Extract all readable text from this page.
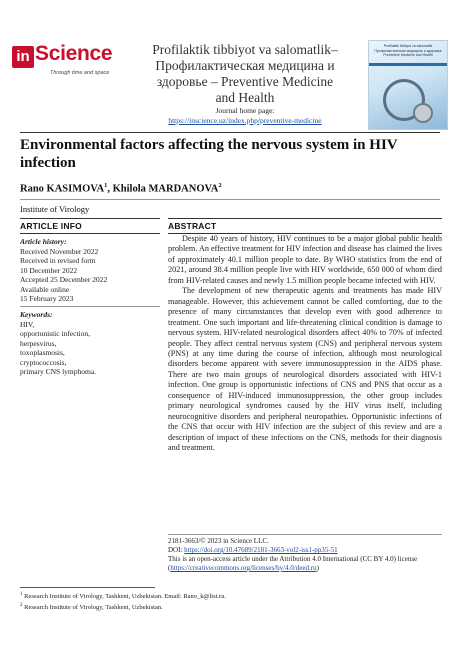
in Science
Through time and space
Profilaktik tibbiyot va salomatlik–
Профилактическая медицина и
здоровье – Preventive Medicine
and Health
Journal home page:
https://inscience.uz/index.php/preventive-medicine
Profilaktik tibbiyot va salomatlik Профилактическая медицина и здоровье Preventive Medicine and Health
Environmental factors affecting the nervous system in HIV infection
Rano KASIMOVA$^1$, Khilola MARDANOVA$^2$
Institute of Virology
ARTICLE INFO
Article history:
Received November 2022
Received in revised form
10 December 2022
Accepted 25 December 2022
Available online
15 February 2023
Keywords:
HIV,
opportunistic infection,
herpesvirus,
toxoplasmosis,
cryptococcosis,
primary CNS lymphoma.
ABSTRACT

Despite 40 years of history, HIV continues to be a major global public health problem. An effective treatment for HIV infection and disease has claimed the lives of approximately 40.1 million people to date. By WHO statistics from the end of 2021, around 38.4 million people live with HIV worldwide, 650 000 of whom died from HIV-related causes and newly 1.5 million people became infected with HIV.

The development of new therapeutic agents and treatments has made HIV manageable. However, this achievement cannot be called comforting, due to the presence of many circumstances that develop even with good adherence to treatment. One such important and life-threatening clinical condition is damage to nervous system. HIV-related neurological disorders affect 40% to 70% of infected people. They affect central nervous system (CNS) and peripheral nervous system (PNS) at any time during the course of infection, although most neurological disorders become apparent with severe immunosuppression in the AIDS phase. There are two main groups of neurological disorders associated with HIV-1 infection. One group is opportunistic infections of CNS and PNS that occur as a consequence of HIV-induced immunosuppression, the other group includes primary neurological syndromes caused by the HIV virus itself, including neurocognitive disorders and peripheral neuropathies. Opportunistic infections of the CNS that occur with HIV infection are the subject of this review and are a description of impact of these infections on the CNS, methods for their diagnosis and treatment.

2181-3663/© 2023 in Science LLC.
DOI: https://doi.org/10.47689/2181-3663-vol2-iss1-pp35-51
This is an open-access article under the Attribution 4.0 International (CC BY 4.0) license (https://creativecommons.org/licenses/by/4.0/deed.ru)
$^1$ Research Institute of Virology, Tashkent, Uzbekistan. Email: Rano_k@list.ru.
$^2$ Research Institute of Virology, Tashkent, Uzbekistan.
